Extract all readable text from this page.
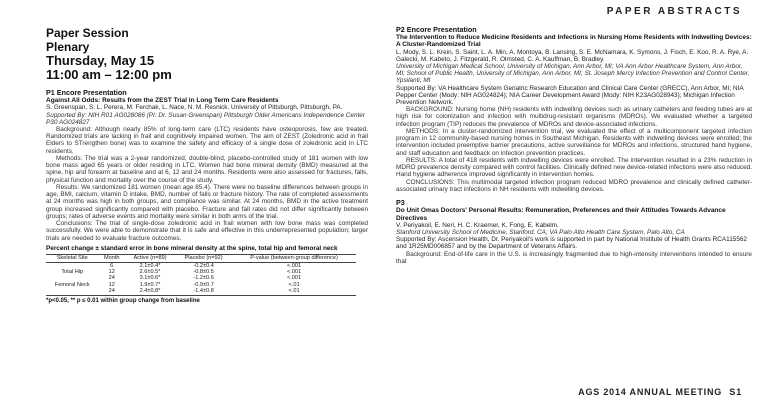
PAPER ABSTRACTS
Paper Session
Plenary
Thursday, May 15
11:00 am – 12:00 pm
P1 Encore Presentation
Against All Odds: Results from the ZEST Trial in Long Term Care Residents
S. Greenspan, S. L. Perera, M. Ferchak, L. Nace, N. M. Resnick. University of Pittsburgh, Pittsburgh, PA.
Supported By: NIH R01 AG028086 (PI: Dr. Susan Greenspan) Pittsburgh Older Americans Independence Center P30 AG024827

Background: Although nearly 85% of long-term care (LTC) residents have osteoporosis, few are treated. Randomized trials are lacking in frail and cognitively impaired women. The aim of ZEST (Zoledronic acid in frail Elders to STrengthen bone) was to examine the safety and efficacy of a single dose of zoledronic acid in LTC residents.

Methods: The trial was a 2-year randomized, double-blind, placebo-controlled study of 181 women with low bone mass aged 65 years or older residing in LTC. Women had bone mineral density (BMD) measured at the spine, hip and forearm at baseline and at 6, 12 and 24 months. Residents were also assessed for fractures, falls, physical function and mortality over the course of the study.

Results: We randomized 181 women (mean age 85.4). There were no baseline differences between groups in age, BMI, calcium, vitamin D intake, BMD, number of falls or fracture history. The rate of completed assessments at 24 months was high in both groups, and compliance was similar. At 24 months, BMD in the active treatment group increased significantly compared with placebo. Fracture and fall rates did not differ significantly between groups; rates of adverse events and mortality were similar in both arms of the trial.

Conclusions: The trial of single-dose zoledronic acid in frail women with low bone mass was completed successfully. We were able to demonstrate that it is safe and effective in this underrepresented population; larger trials are needed to evaluate fracture outcomes.

Percent change ± standard error in bone mineral density at the spine, total hip and femoral neck
Skeletal Site	Month	Active (n=89)	Placebo (n=92)	P-value (between-group difference)
	6	2.1±0.4*	-0.2±0.4	<.001
Total Hip	12	2.6±0.5*	-0.8±0.5	<.001
	24	3.1±0.6*	-1.2±0.6	<.001
Femoral Neck	12	1.9±0.7*	-0.9±0.7	<.01
	24	2.4±0.8*	-1.4±0.8	<.01
*p<0.05, ** p ≤ 0.01 within group change from baseline
P2 Encore Presentation
The Intervention to Reduce Medicine Residents and Infections in Nursing Home Residents with Indwelling Devices: A Cluster-Randomized Trial
L. Mody, S. L. Krein, S. Saint, L. A. Min, A. Montoya, B. Lansing, S. E. McNamara, K. Symons, J. Fisch, E. Koo, R. A. Rye, A. Galecki, M. Kabeto, J. Fitzgerald, R. Olmsted, C. A. Kauffman, B. Bradley.
University of Michigan Medical School, University of Michigan, Ann Arbor, MI; VA Ann Arbor Healthcare System, Ann Arbor, MI; School of Public Health, University of Michigan, Ann Arbor, MI; St. Joseph Mercy Infection Prevention and Control Center, Ypsilanti, MI
Supported By: VA Healthcare System Geriatric Research Education and Clinical Care Center (GRECC), Ann Arbor, MI; NIA Pepper Center (Mody: NIH AG024824); NIA Career Development Award (Mody: NIH K23AG028943); Michigan Infection Prevention Network.

BACKGROUND: Nursing home (NH) residents with indwelling devices such as urinary catheters and feeding tubes are at high risk for colonization and infection with multidrug-resistant organisms (MDROs). We evaluated whether a targeted infection program (TIP) reduces the prevalence of MDROs and device-associated infections.

METHODS: In a cluster-randomized intervention trial, we evaluated the effect of a multicomponent targeted infection program in 12 community-based nursing homes in Southeast Michigan. Residents with indwelling devices were enrolled; the intervention included preemptive barrier precautions, active surveillance for MDROs and infections, structured hand hygiene, and staff education and feedback on infection prevention practices.

RESULTS: A total of 418 residents with indwelling devices were enrolled. The intervention resulted in a 23% reduction in MDRO prevalence density compared with control facilities. Clinically defined new device-related infections were also reduced. Hand hygiene adherence improved significantly in intervention homes.

CONCLUSIONS: This multimodal targeted infection program reduced MDRO prevalence and clinically defined catheter-associated urinary tract infections in NH residents with indwelling devices.

P3
Do Unit Omas Doctors' Personal Results: Remuneration, Preferences and their Attitudes Towards Advance Directives
V. Periyakoil, E. Neri, H. C. Kraemer, K. Fong, E. Kabelm.
Stanford University School of Medicine, Stanford, CA; VA Palo Alto Health Care System, Palo Alto, CA
Supported By: Ascension Health, Dr. Periyakoil's work is supported in part by National Institute of Health Grants RCA115562 and 1R25MD006857 and by the Department of Veterans Affairs.

Background: End-of-life care in the U.S. is increasingly fragmented due to high-intensity interventions intended to ensure that

AGS 2014 ANNUAL MEETING S1
